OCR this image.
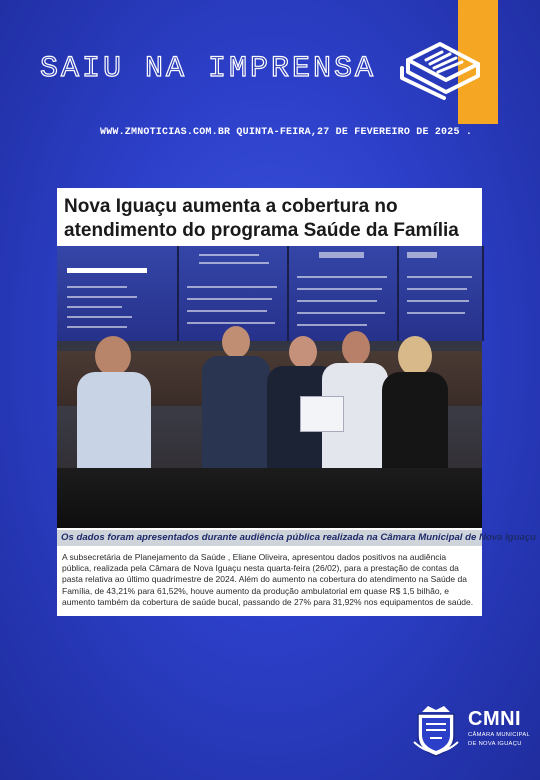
SAIU NA IMPRENSA
WWW.ZMNOTICIAS.COM.BR QUINTA-FEIRA,27 DE FEVEREIRO DE 2025 .
Nova Iguaçu aumenta a cobertura no atendimento do programa Saúde da Família
Os dados foram apresentados durante audiência pública realizada na Câmara Municipal de Nova Iguaçu
A subsecretária de Planejamento da Saúde , Eliane Oliveira, apresentou dados positivos na audiência pública, realizada pela Câmara de Nova Iguaçu nesta quarta-feira (26/02), para a prestação de contas da pasta relativa ao último quadrimestre de 2024. Além do aumento na cobertura do atendimento na Saúde da Família, de 43,21% para 61,52%, houve aumento da produção ambulatorial em quase R$ 1,5 bilhão, e aumento também da cobertura de saúde bucal, passando de 27% para 31,92% nos equipamentos de saúde.
CMNI
CÂMARA MUNICIPAL
DE NOVA IGUAÇU
